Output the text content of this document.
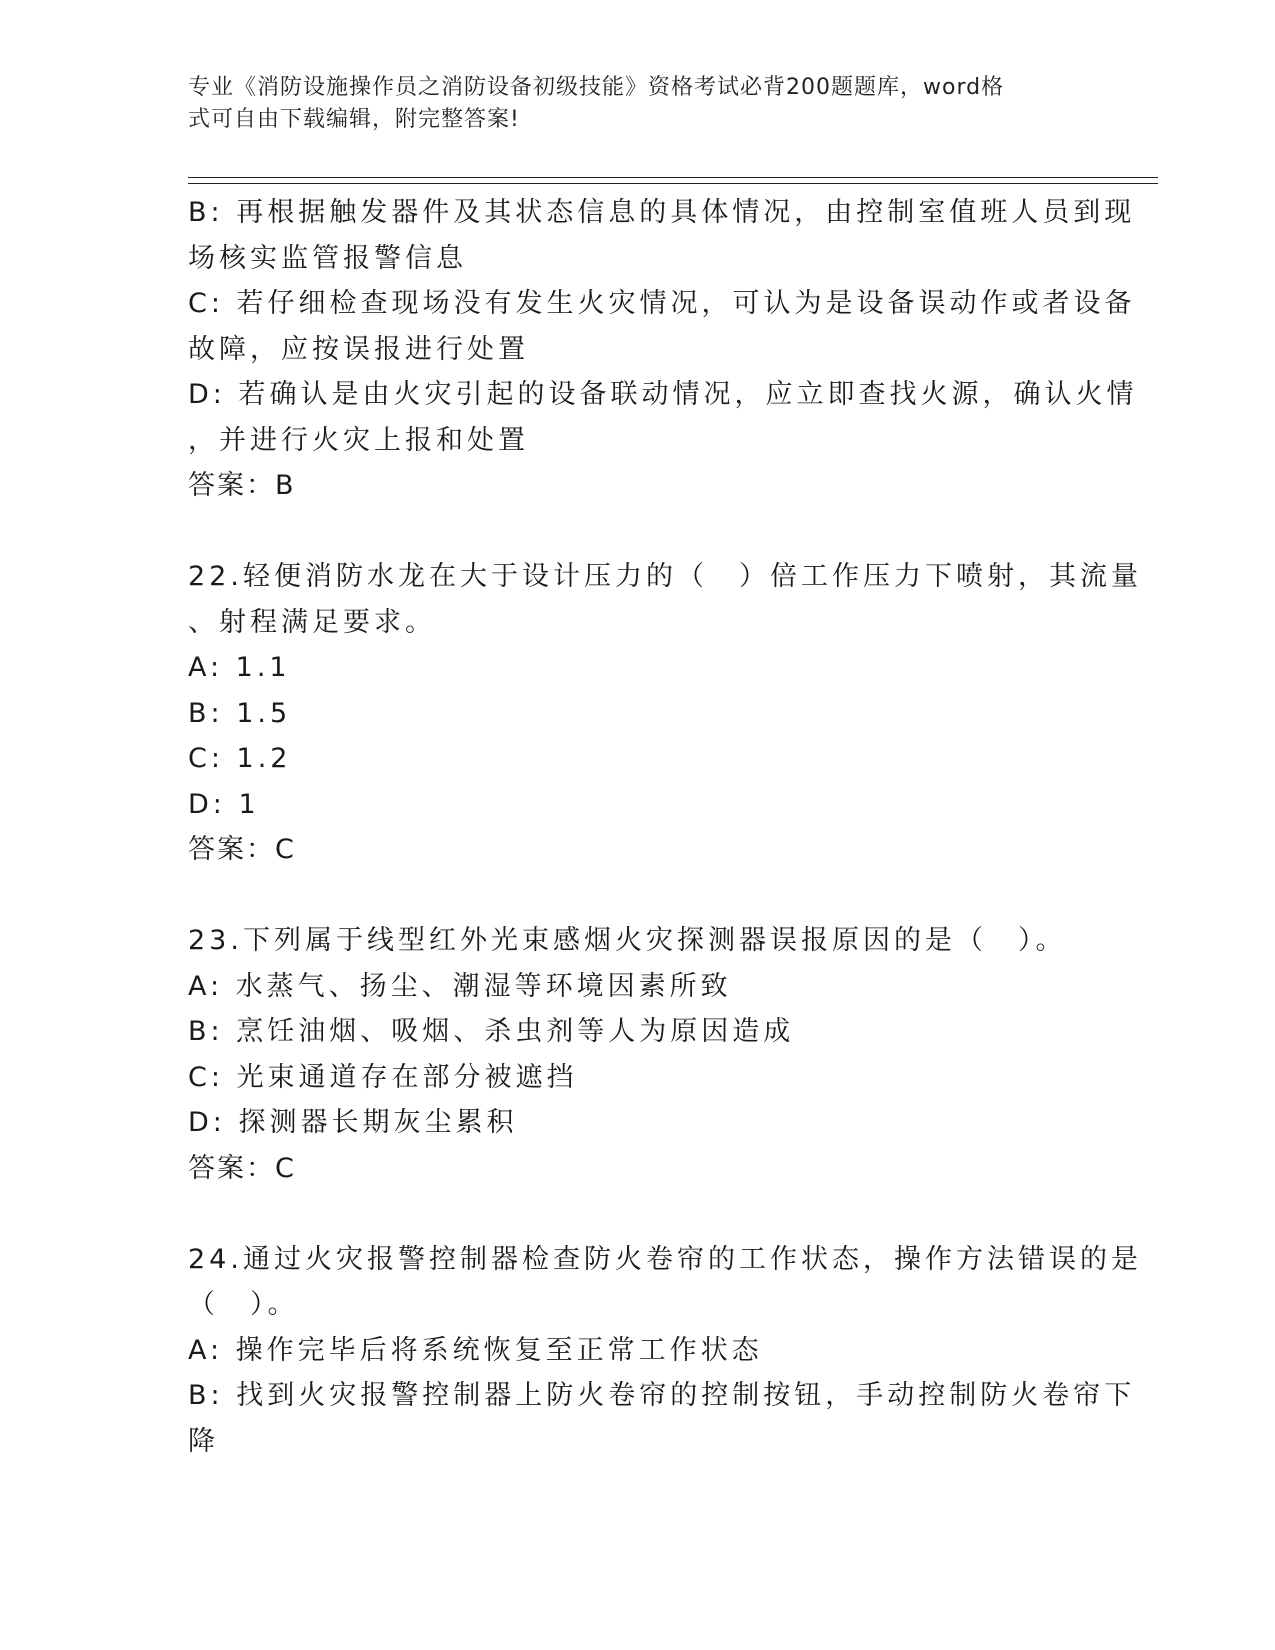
专业《消防设施操作员之消防设备初级技能》资格考试必背200题题库，word格
式可自由下载编辑，附完整答案!
B: 再根据触发器件及其状态信息的具体情况，由控制室值班人员到现
场核实监管报警信息
C: 若仔细检查现场没有发生火灾情况，可认为是设备误动作或者设备
故障，应按误报进行处置
D: 若确认是由火灾引起的设备联动情况，应立即查找火源，确认火情
，并进行火灾上报和处置
答案：B
22.轻便消防水龙在大于设计压力的（　）倍工作压力下喷射，其流量
、射程满足要求。
A: 1.1
B: 1.5
C: 1.2
D: 1
答案：C
23.下列属于线型红外光束感烟火灾探测器误报原因的是（　）。
A: 水蒸气、扬尘、潮湿等环境因素所致
B: 烹饪油烟、吸烟、杀虫剂等人为原因造成
C: 光束通道存在部分被遮挡
D: 探测器长期灰尘累积
答案：C
24.通过火灾报警控制器检查防火卷帘的工作状态，操作方法错误的是
（　）。
A: 操作完毕后将系统恢复至正常工作状态
B: 找到火灾报警控制器上防火卷帘的控制按钮，手动控制防火卷帘下
降
